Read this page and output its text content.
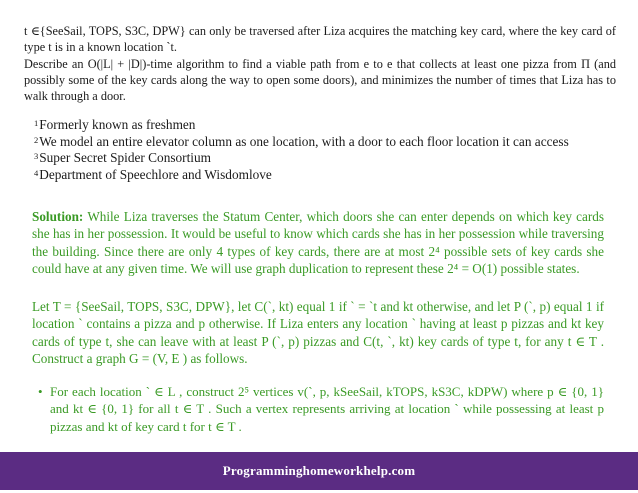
t ∈{SeeSail, TOPS, S3C, DPW} can only be traversed after Liza acquires the matching key card, where the key card of type t is in a known location `t.
Describe an O(|L| + |D|)-time algorithm to find a viable path from e to e that collects at least one pizza from Π (and possibly some of the key cards along the way to open some doors), and minimizes the number of times that Liza has to walk through a door.
$^1$Formerly known as freshmen
$^2$We model an entire elevator column as one location, with a door to each floor location it can access
$^3$Super Secret Spider Consortium
$^4$Department of Speechlore and Wisdomlove
Solution: While Liza traverses the Statum Center, which doors she can enter depends on which key cards she has in her possession. It would be useful to know which cards she has in her possession while traversing the building. Since there are only 4 types of key cards, there are at most 2⁴ possible sets of key cards she could have at any given time. We will use graph duplication to represent these 2⁴ = O(1) possible states.
Let T = {SeeSail, TOPS, S3C, DPW}, let C(`, kt) equal 1 if ` = `t and kt otherwise, and let P (`, p) equal 1 if location ` contains a pizza and p otherwise. If Liza enters any location ` having at least p pizzas and kt key cards of type t, she can leave with at least P (`, p) pizzas and C(t, `, kt) key cards of type t, for any t ∈ T . Construct a graph G = (V, E ) as follows.
• For each location ` ∈ L , construct 2⁵ vertices v(`, p, kSeeSail, kTOPS, kS3C, kDPW) where p ∈ {0, 1} and kt ∈ {0, 1} for all t ∈ T . Such a vertex represents arriving at location ` while possessing at least p pizzas and kt of key card t for t ∈ T .
Programminghomeworkhelp.com
